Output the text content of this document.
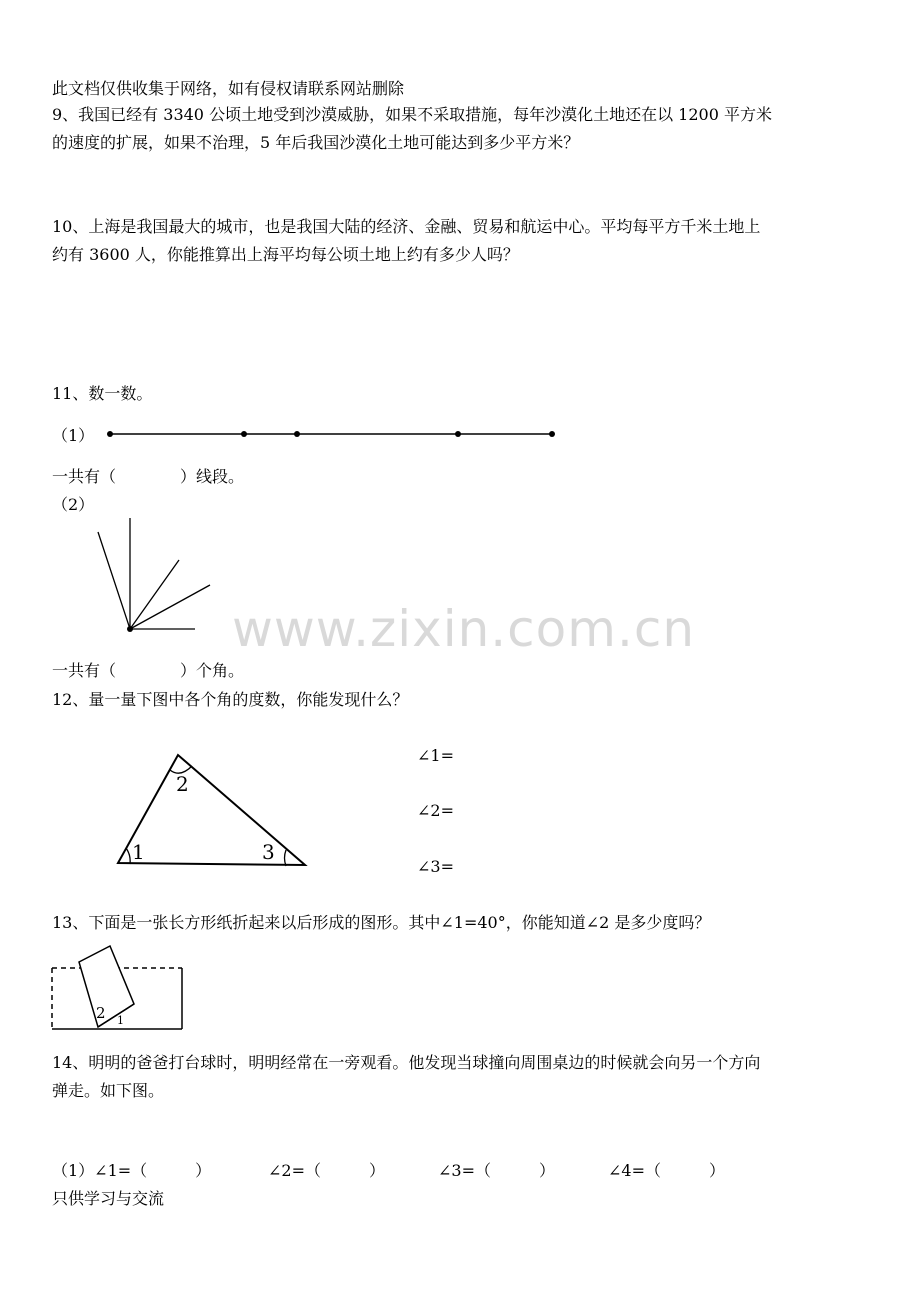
www.zixin.com.cn
此文档仅供收集于网络，如有侵权请联系网站删除
9、我国已经有 3340 公顷土地受到沙漠威胁，如果不采取措施，每年沙漠化土地还在以 1200 平方米
的速度的扩展，如果不治理，5 年后我国沙漠化土地可能达到多少平方米？
10、上海是我国最大的城市，也是我国大陆的经济、金融、贸易和航运中心。平均每平方千米土地上
约有 3600 人，你能推算出上海平均每公顷土地上约有多少人吗？
11、数一数。
（1）
一共有（　　　　）线段。
（2）
一共有（　　　　）个角。
12、量一量下图中各个角的度数，你能发现什么？
1
2
3
∠1=
∠2=
∠3=
13、下面是一张长方形纸折起来以后形成的图形。其中∠1=40°，你能知道∠2 是多少度吗？
2 1
14、明明的爸爸打台球时，明明经常在一旁观看。他发现当球撞向周围桌边的时候就会向另一个方向
弹走。如下图。
（1）∠1=（　　　）	∠2=（　　　）	∠3=（　　　）	∠4=（　　　）
只供学习与交流
